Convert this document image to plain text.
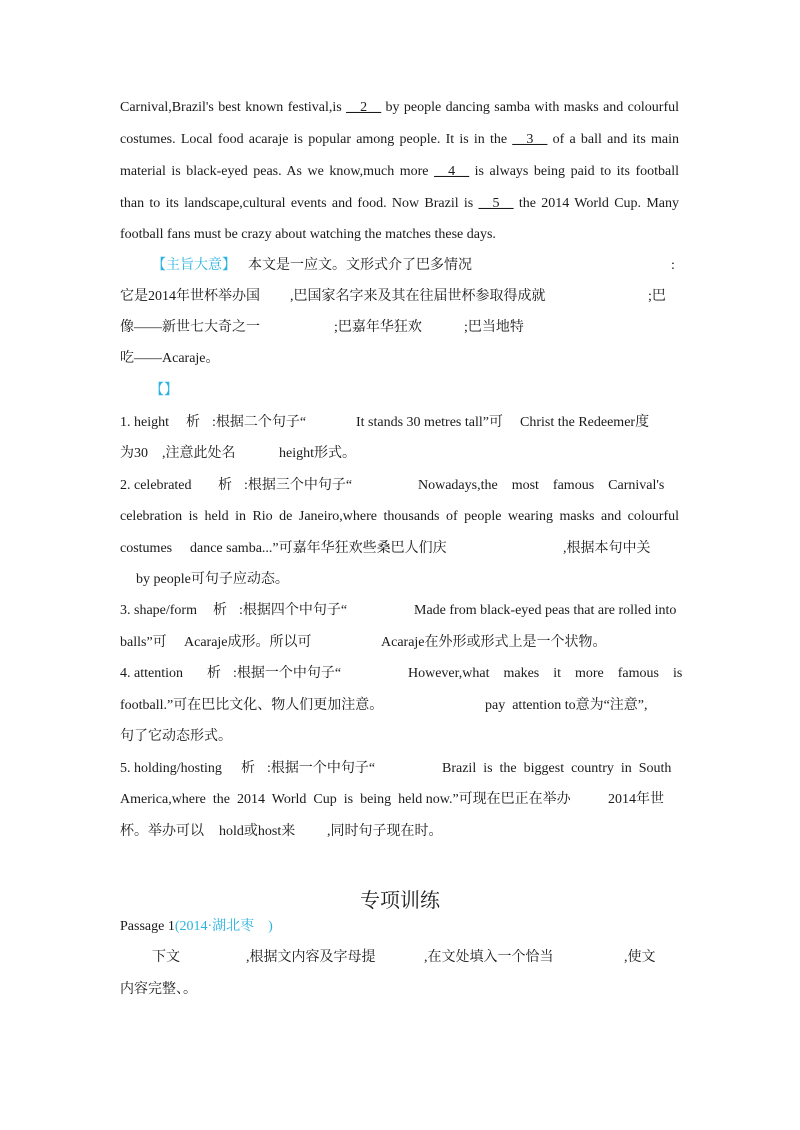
Carnival,Brazil's best known festival,is __2__ by people dancing samba with masks and colourful
costumes. Local food acaraje is popular among people. It is in the __3__ of a ball and its main
material is black-eyed peas. As we know,much more __4__ is always being paid to its football
than to its landscape,cultural events and food. Now Brazil is __5__ the 2014 World Cup. Many
football fans must be crazy about watching the matches these days.
【主旨大意】 本文是一应文。文形式介了巴多情况	:
它是2014年世杯举办国 ,巴国家名字来及其在往届世杯参取得成就	;巴
像——新世七大奇之一	;巴嘉年华狂欢	;巴当地特
吃——Acaraje。
【】
1. height 析 :根据二个句子“	It stands 30 metres tall”可 Christ the Redeemer度
为30 ,注意此处名	height形式。
2. celebrated 析 :根据三个中句子“	Nowadays,the    most    famous    Carnival's
celebration is held in Rio de Janeiro,where thousands of people wearing masks and colourful
costumes dance samba...”可嘉年华狂欢些桑巴人们庆	,根据本句中关
by people可句子应动态。
3. shape/form 析 :根据四个中句子“	Made from black-eyed peas that are rolled into
balls”可 Acaraje成形。所以可	Acaraje在外形或形式上是一个状物。
4. attention 析 :根据一个中句子“	However,what    makes    it    more    famous    is
football.”可在巴比文化、物人们更加注意。	pay  attention to意为“注意”,
句了它动态形式。
5. holding/hosting 析 :根据一个中句子“	Brazil  is  the  biggest  country  in  South
America,where  the  2014  World  Cup  is  being  held now.”可现在巴正在举办	2014年世
杯。举办可以 hold或host来 ,同时句子现在时。
专项训练
Passage 1(2014·湖北枣　)
下文	,根据文内容及字母提	,在文处填入一个恰当	,使文
内容完整、。
